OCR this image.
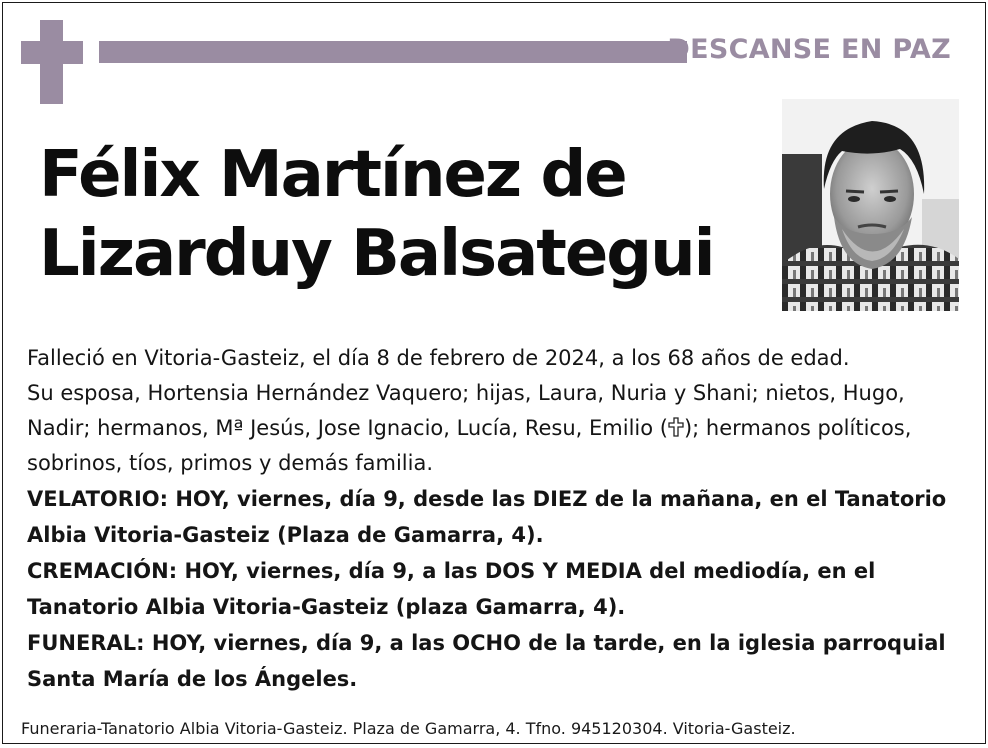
DESCANSE EN PAZ
Félix Martínez de
Lizarduy Balsategui

Falleció en Vitoria-Gasteiz, el día 8 de febrero de 2024, a los 68 años de edad.

Su esposa, Hortensia Hernández Vaquero; hijas, Laura, Nuria y Shani; nietos, Hugo, Nadir; hermanos, Mª Jesús, Jose Ignacio, Lucía, Resu, Emilio ( ); hermanos políticos, sobrinos, tíos, primos y demás familia.

VELATORIO: HOY, viernes, día 9, desde las DIEZ de la mañana, en el Tanatorio Albia Vitoria-Gasteiz (Plaza de Gamarra, 4).

CREMACIÓN: HOY, viernes, día 9, a las DOS Y MEDIA del mediodía, en el Tanatorio Albia Vitoria-Gasteiz (plaza Gamarra, 4).

FUNERAL: HOY, viernes, día 9, a las OCHO de la tarde, en la iglesia parroquial Santa María de los Ángeles.

Funeraria-Tanatorio Albia Vitoria-Gasteiz. Plaza de Gamarra, 4. Tfno. 945120304. Vitoria-Gasteiz.
